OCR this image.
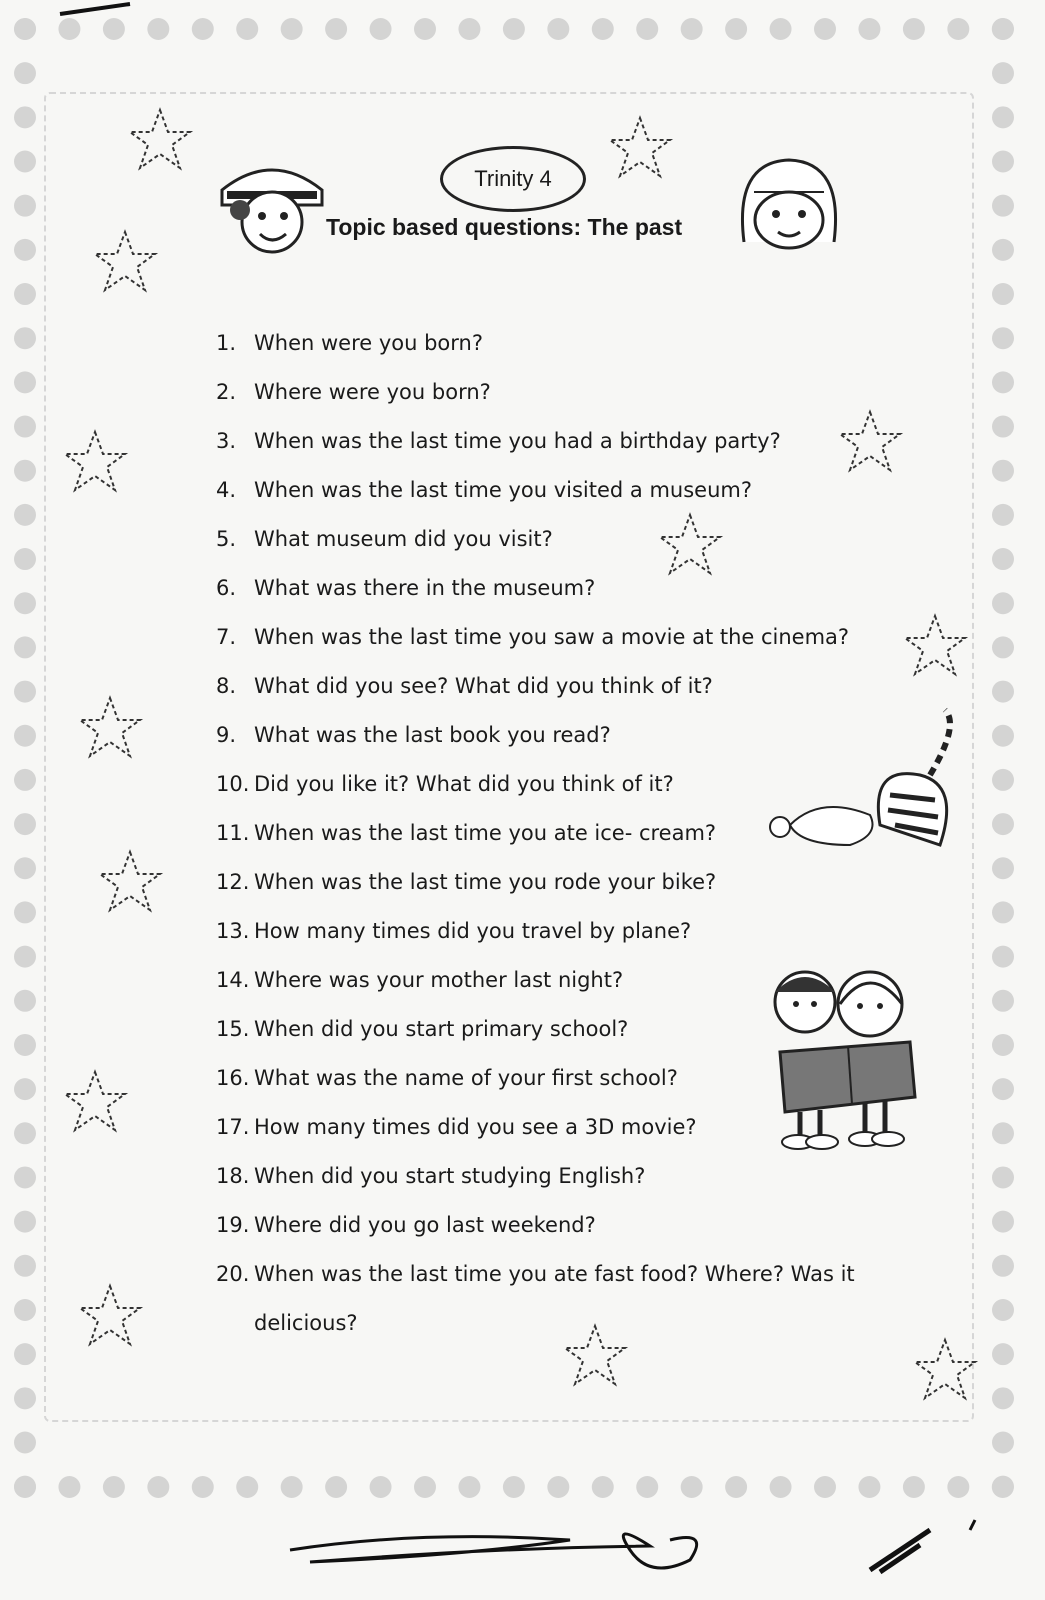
Trinity 4
Topic based questions: The past
1. When were you born?
2. Where were you born?
3. When was the last time you had a birthday party?
4. When was the last time you visited a museum?
5. What museum did you visit?
6. What was there in the museum?
7. When was the last time you saw a movie at the cinema?
8. What did you see? What did you think of it?
9. What was the last book you read?
10. Did you like it? What did you think of it?
11. When was the last time you ate ice- cream?
12. When was the last time you rode your bike?
13. How many times did you travel by plane?
14. Where was your mother last night?
15. When did you start primary school?
16. What was the name of your first school?
17. How many times did you see a 3D movie?
18. When did you start studying English?
19. Where did you go last weekend?
20. When was the last time you ate fast food? Where? Was it delicious?
